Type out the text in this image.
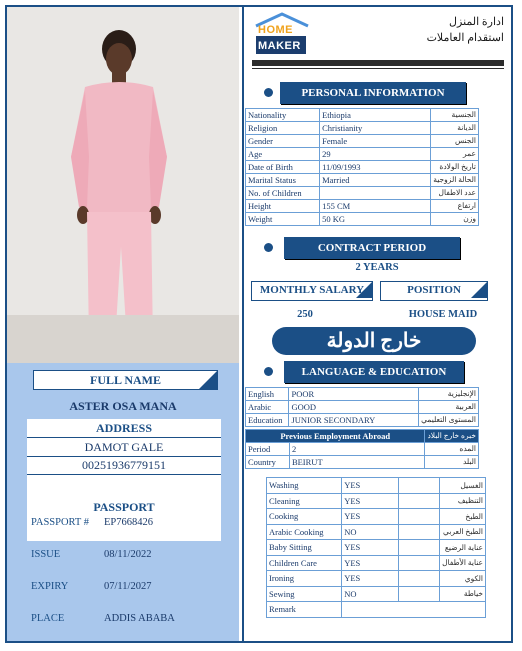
FULL NAME
ASTER OSA MANA
ADDRESS
DAMOT GALE
00251936779151
PASSPORT
PASSPORT # EP7668426
ISSUE	08/11/2022
EXPIRY	07/11/2027
PLACE	ADDIS ABABA
HOME
MAKER
ادارة المنزل
استقدام العاملات
PERSONAL INFORMATION
Nationality	Ethiopia	الجنسية
Religion	Christianity	الديانة
Gender	Female	الجنس
Age	29	عمر
Date of Birth	11/09/1993	تاريخ الولادة
Marital Status	Married	الحالة الزوجية
No. of Children		عدد الاطفال
Height	155 CM	ارتفاع
Weight	50 KG	وزن
CONTRACT PERIOD
2 YEARS
MONTHLY SALARY	POSITION
250	HOUSE MAID
خارج الدولة
LANGUAGE & EDUCATION
English	POOR	الإنجليزية
Arabic	GOOD	العربية
Education	JUNIOR SECONDARY	المستوى التعليمي
Previous Employment Abroad		خبره خارج البلاد
Period	2	المده
Country	BEIRUT	البلد
Washing	YES		الغسيل
Cleaning	YES		التنظيف
Cooking	YES		الطبخ
Arabic Cooking	NO		الطبخ العربي
Baby Sitting	YES		عناية الرضيع
Children Care	YES		عناية الأطفال
Ironing	YES		الكوي
Sewing	NO		خياطة
Remark			
